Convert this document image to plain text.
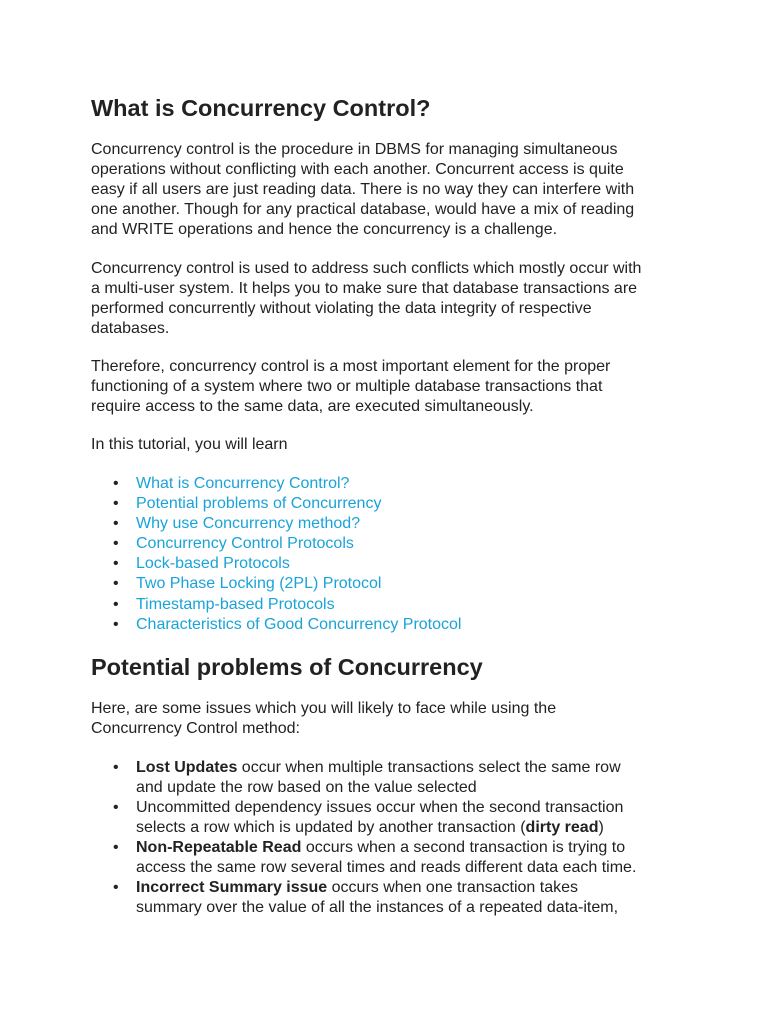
What is Concurrency Control?

Concurrency control is the procedure in DBMS for managing simultaneous
operations without conflicting with each another. Concurrent access is quite
easy if all users are just reading data. There is no way they can interfere with
one another. Though for any practical database, would have a mix of reading
and WRITE operations and hence the concurrency is a challenge.

Concurrency control is used to address such conflicts which mostly occur with
a multi-user system. It helps you to make sure that database transactions are
performed concurrently without violating the data integrity of respective
databases.

Therefore, concurrency control is a most important element for the proper
functioning of a system where two or multiple database transactions that
require access to the same data, are executed simultaneously.

In this tutorial, you will learn

• What is Concurrency Control?
• Potential problems of Concurrency
• Why use Concurrency method?
• Concurrency Control Protocols
• Lock-based Protocols
• Two Phase Locking (2PL) Protocol
• Timestamp-based Protocols
• Characteristics of Good Concurrency Protocol
Potential problems of Concurrency

Here, are some issues which you will likely to face while using the
Concurrency Control method:

• Lost Updates occur when multiple transactions select the same row
and update the row based on the value selected
• Uncommitted dependency issues occur when the second transaction
selects a row which is updated by another transaction (dirty read)
• Non-Repeatable Read occurs when a second transaction is trying to
access the same row several times and reads different data each time.
• Incorrect Summary issue occurs when one transaction takes
summary over the value of all the instances of a repeated data-item,
